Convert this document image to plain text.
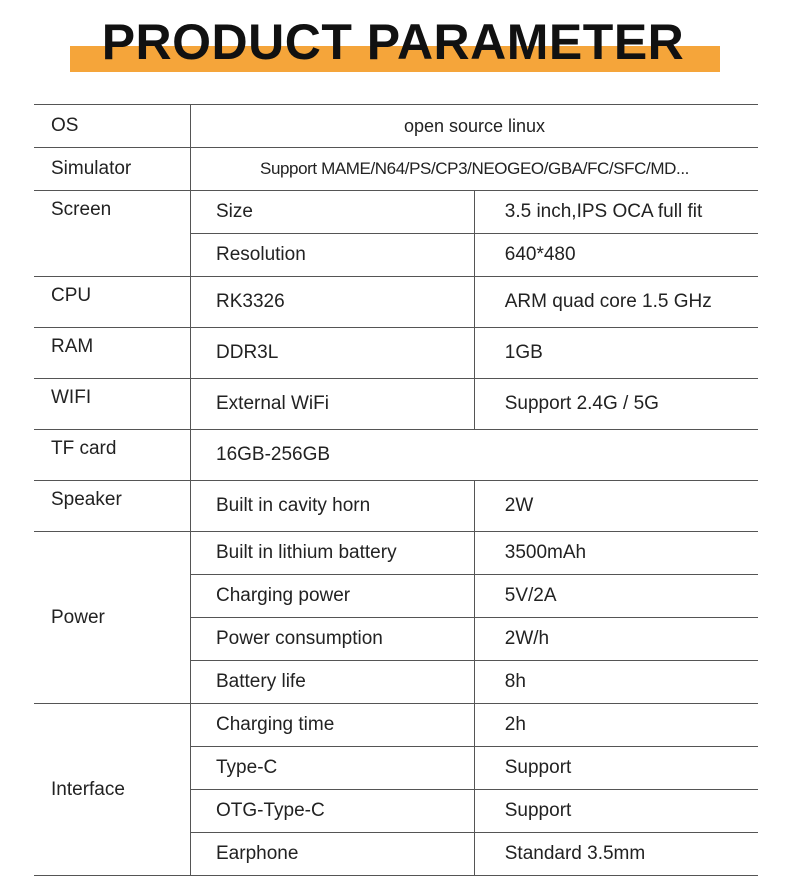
PRODUCT PARAMETER
OS	open source linux	
Simulator	Support MAME/N64/PS/CP3/NEOGEO/GBA/FC/SFC/MD...	
Screen	Size	3.5 inch,IPS OCA full fit
	Resolution	640*480
CPU	RK3326	ARM quad core 1.5 GHz
RAM	DDR3L	1GB
WIFI	External WiFi	Support 2.4G / 5G
TF card	16GB-256GB	
Speaker	Built in cavity horn	2W
Power	Built in lithium battery	3500mAh
	Charging power	5V/2A
	Power consumption	2W/h
	Battery life	8h
Interface	Charging time	2h
	Type-C	Support
	OTG-Type-C	Support
	Earphone	Standard 3.5mm
